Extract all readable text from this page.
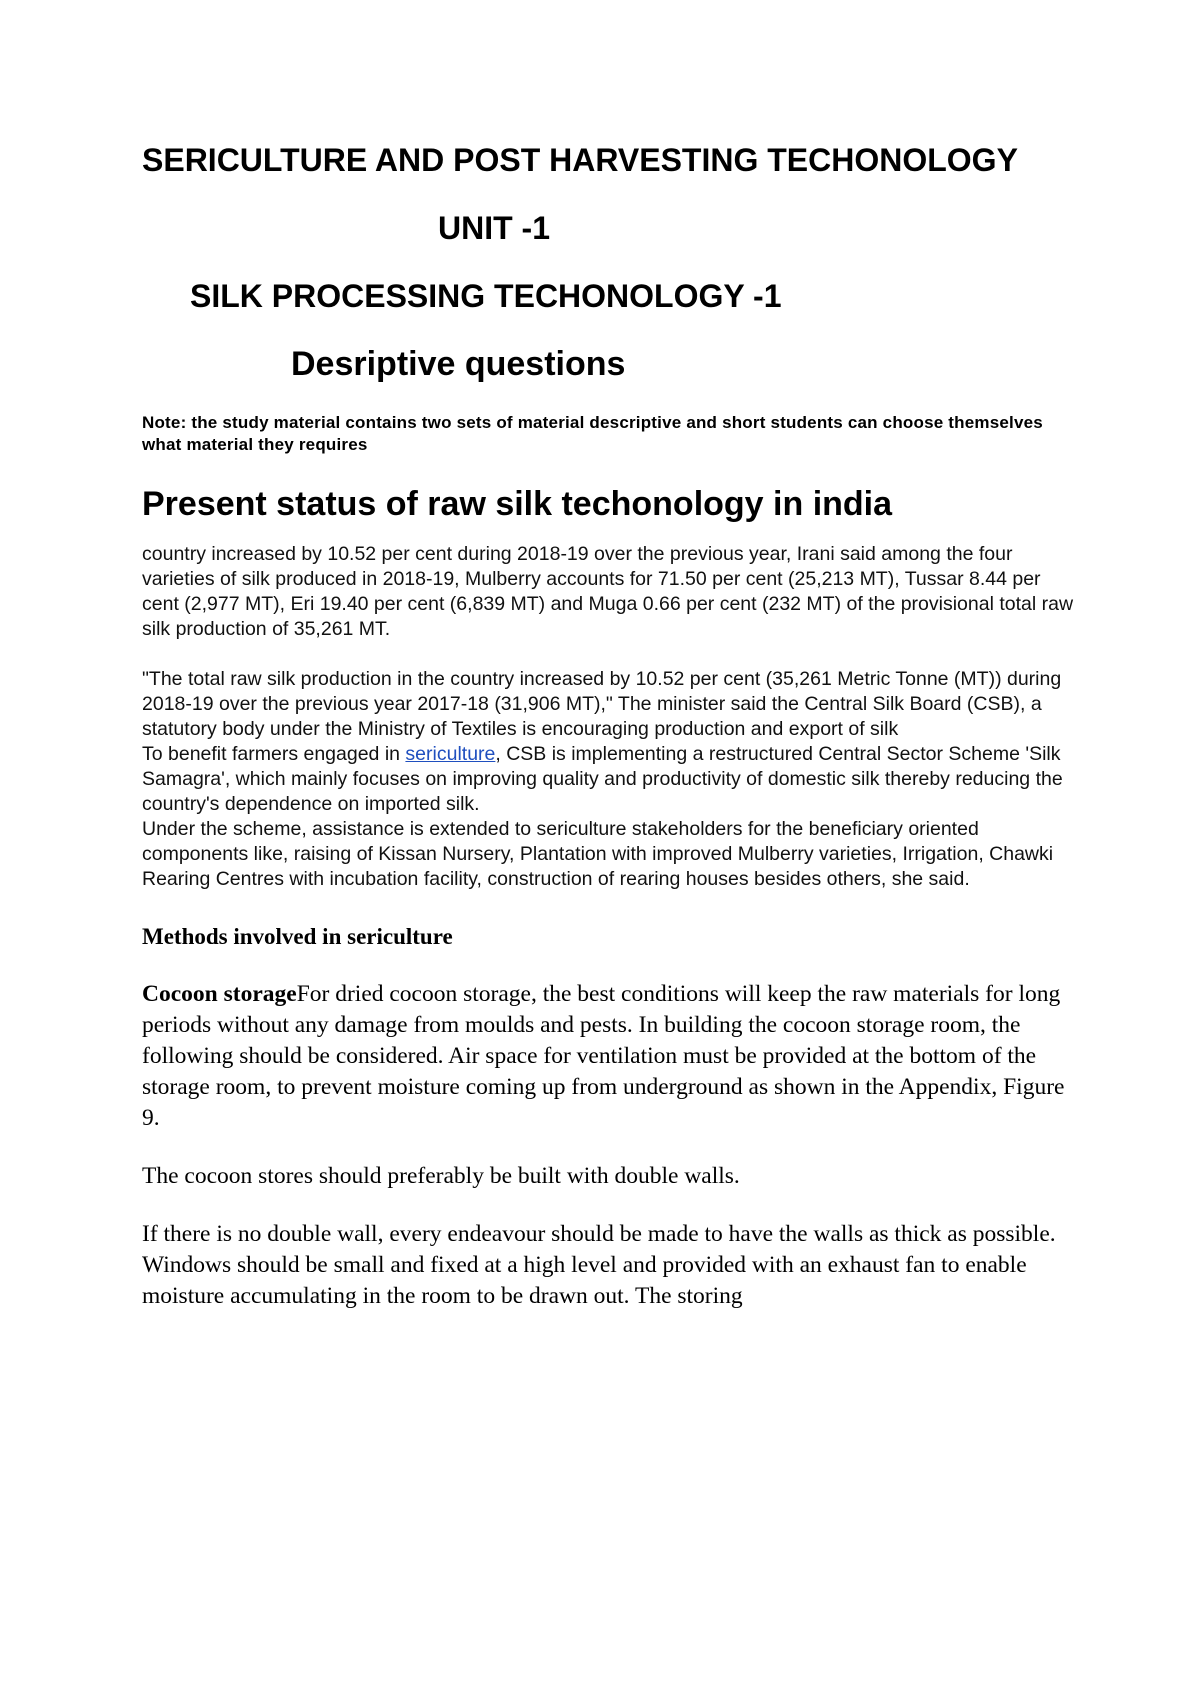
SERICULTURE AND POST HARVESTING TECHONOLOGY
UNIT -1
SILK PROCESSING TECHONOLOGY -1
Desriptive questions

Note: the study material contains two sets of material descriptive and short students can choose themselves what material they requires

Present status of raw silk techonology in india

country increased by 10.52 per cent during 2018-19 over the previous year, Irani said among the four varieties of silk produced in 2018-19, Mulberry accounts for 71.50 per cent (25,213 MT), Tussar 8.44 per cent (2,977 MT), Eri 19.40 per cent (6,839 MT) and Muga 0.66 per cent (232 MT) of the provisional total raw silk production of 35,261 MT.

"The total raw silk production in the country increased by 10.52 per cent (35,261 Metric Tonne (MT)) during 2018-19 over the previous year 2017-18 (31,906 MT)," The minister said the Central Silk Board (CSB), a statutory body under the Ministry of Textiles is encouraging production and export of silk

To benefit farmers engaged in sericulture, CSB is implementing a restructured Central Sector Scheme 'Silk Samagra', which mainly focuses on improving quality and productivity of domestic silk thereby reducing the country's dependence on imported silk.

Under the scheme, assistance is extended to sericulture stakeholders for the beneficiary oriented components like, raising of Kissan Nursery, Plantation with improved Mulberry varieties, Irrigation, Chawki Rearing Centres with incubation facility, construction of rearing houses besides others, she said.

Methods involved in sericulture

Cocoon storageFor dried cocoon storage, the best conditions will keep the raw materials for long periods without any damage from moulds and pests. In building the cocoon storage room, the following should be considered. Air space for ventilation must be provided at the bottom of the storage room, to prevent moisture coming up from underground as shown in the Appendix, Figure 9.

The cocoon stores should preferably be built with double walls.

If there is no double wall, every endeavour should be made to have the walls as thick as possible. Windows should be small and fixed at a high level and provided with an exhaust fan to enable moisture accumulating in the room to be drawn out. The storing
